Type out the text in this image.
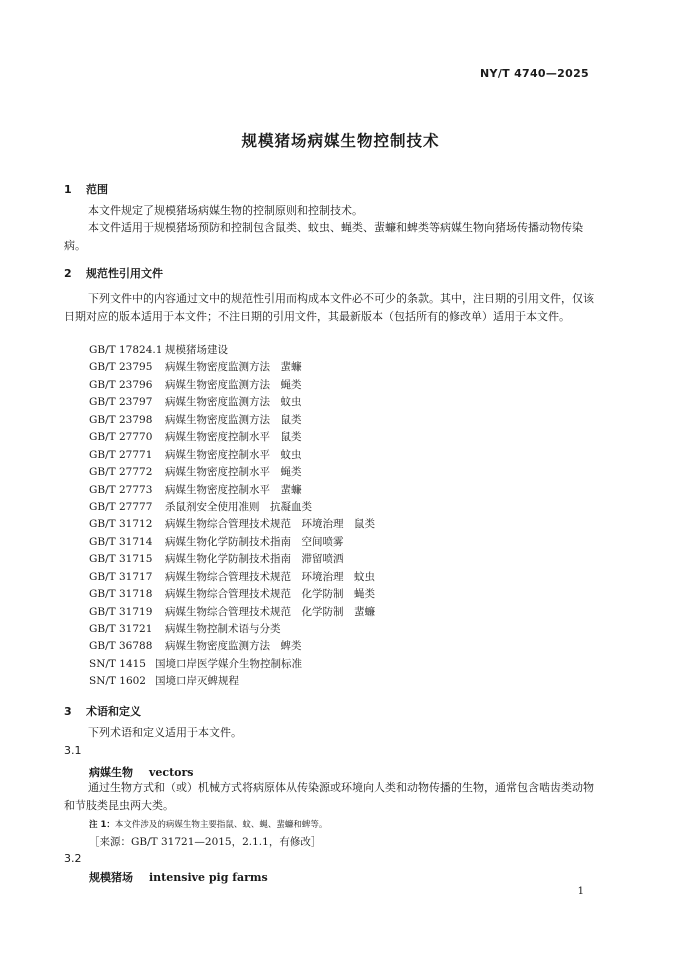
NY/T 4740—2025
规模猪场病媒生物控制技术
1 范围
本文件规定了规模猪场病媒生物的控制原则和控制技术。
本文件适用于规模猪场预防和控制包含鼠类、蚊虫、蝇类、蜚蠊和蜱类等病媒生物向猪场传播动物传染病。
2 规范性引用文件
下列文件中的内容通过文中的规范性引用而构成本文件必不可少的条款。其中，注日期的引用文件，仅该日期对应的版本适用于本文件；不注日期的引用文件，其最新版本（包括所有的修改单）适用于本文件。
GB/T 17824.1 规模猪场建设
GB/T 23795 病媒生物密度监测方法　蜚蠊
GB/T 23796 病媒生物密度监测方法　蝇类
GB/T 23797 病媒生物密度监测方法　蚊虫
GB/T 23798 病媒生物密度监测方法　鼠类
GB/T 27770 病媒生物密度控制水平　鼠类
GB/T 27771 病媒生物密度控制水平　蚊虫
GB/T 27772 病媒生物密度控制水平　蝇类
GB/T 27773 病媒生物密度控制水平　蜚蠊
GB/T 27777 杀鼠剂安全使用准则　抗凝血类
GB/T 31712 病媒生物综合管理技术规范　环境治理　鼠类
GB/T 31714 病媒生物化学防制技术指南　空间喷雾
GB/T 31715 病媒生物化学防制技术指南　滞留喷洒
GB/T 31717 病媒生物综合管理技术规范　环境治理　蚊虫
GB/T 31718 病媒生物综合管理技术规范　化学防制　蝇类
GB/T 31719 病媒生物综合管理技术规范　化学防制　蜚蠊
GB/T 31721 病媒生物控制术语与分类
GB/T 36788 病媒生物密度监测方法　蜱类
SN/T 1415 国境口岸医学媒介生物控制标准
SN/T 1602 国境口岸灭蜱规程
3 术语和定义
下列术语和定义适用于本文件。
3.1
病媒生物 vectors
通过生物方式和（或）机械方式将病原体从传染源或环境向人类和动物传播的生物，通常包含啮齿类动物和节肢类昆虫两大类。
注 1：本文件涉及的病媒生物主要指鼠、蚊、蝇、蜚蠊和蜱等。
［来源：GB/T 31721—2015，2.1.1，有修改］
3.2
规模猪场 intensive pig farms
1
